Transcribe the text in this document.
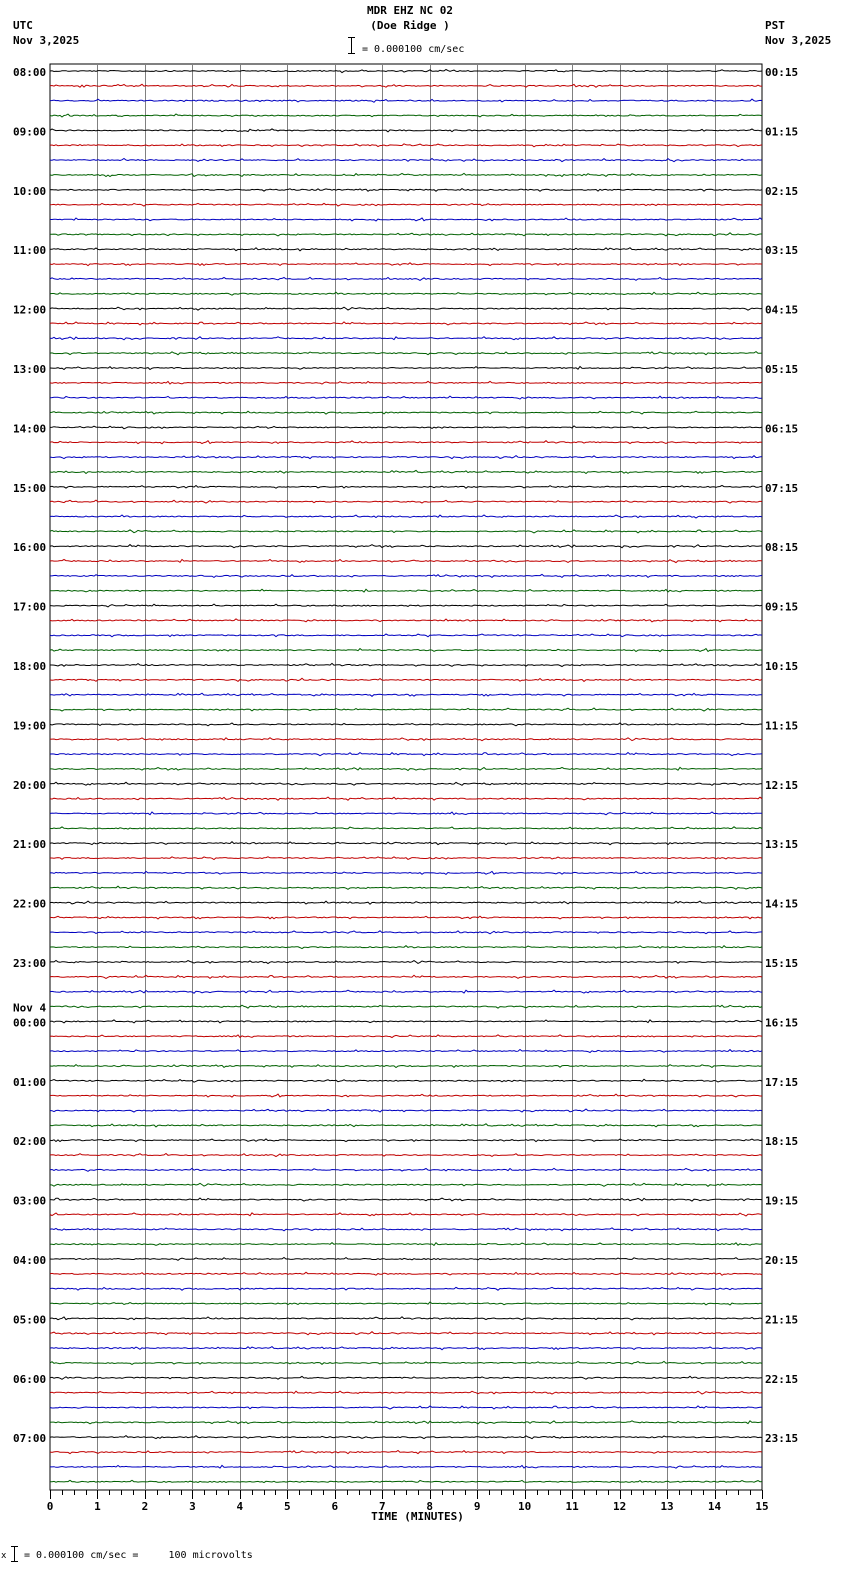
08:00
09:00
10:00
11:00
12:00
13:00
14:00
15:00
16:00
17:00
18:00
19:00
20:00
21:00
22:00
23:00
00:00
01:00
02:00
03:00
04:00
05:00
06:00
07:00
00:15
01:15
02:15
03:15
04:15
05:15
06:15
07:15
08:15
09:15
10:15
11:15
12:15
13:15
14:15
15:15
16:15
17:15
18:15
19:15
20:15
21:15
22:15
23:15
Nov 4
0	1	2	3	4	5	6	7	8	9	10	11	12	13	14	15
MDR EHZ NC 02
(Doe Ridge )
UTC
Nov 3,2025
PST
Nov 3,2025
= 0.000100 cm/sec
TIME (MINUTES)
x = 0.000100 cm/sec =     100 microvolts
